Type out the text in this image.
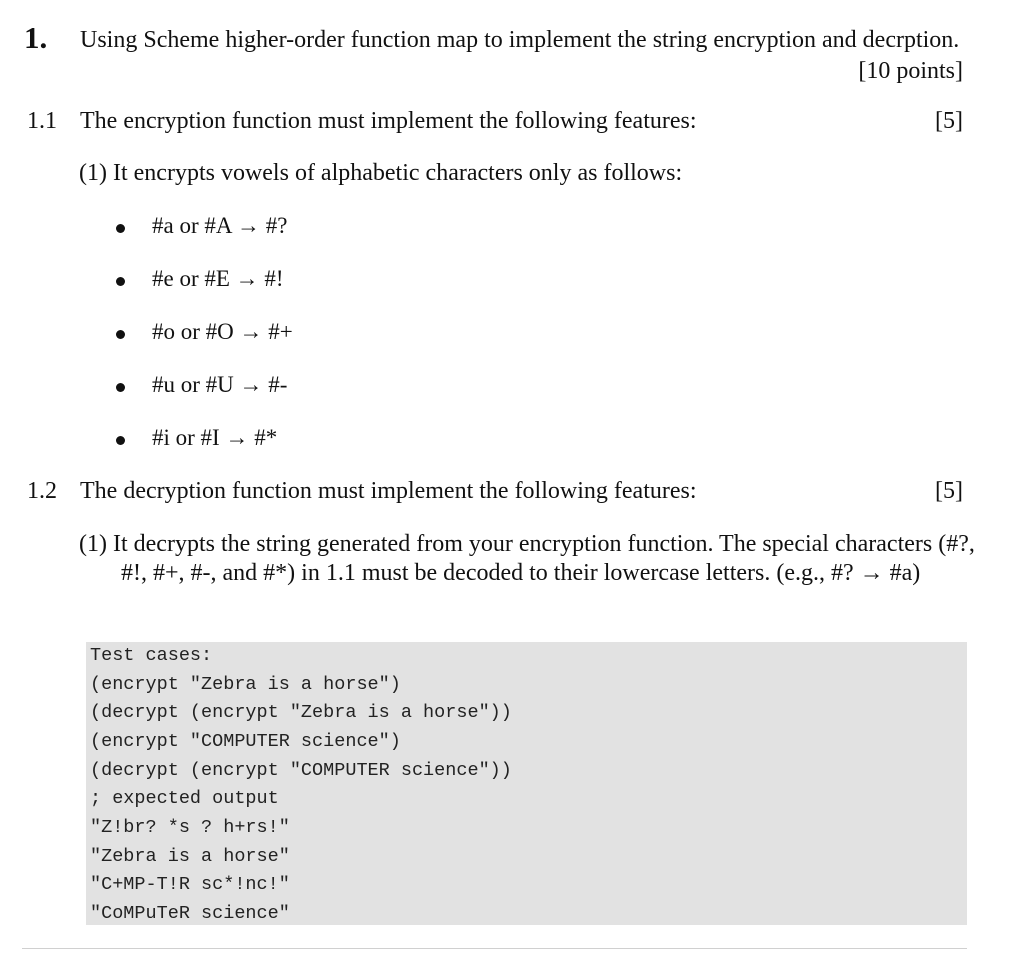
1. Using Scheme higher-order function map to implement the string encryption and decrption.
[10 points]
1.1 The encryption function must implement the following features:	[5]
(1) It encrypts vowels of alphabetic characters only as follows:
#a or #A → #?
#e or #E → #!
#o or #O → #+
#u or #U → #-
#i or #I → #*
1.2 The decryption function must implement the following features:	[5]
(1) It decrypts the string generated from your encryption function. The special characters (#?,
#!, #+, #-, and #*) in 1.1 must be decoded to their lowercase letters. (e.g., #? → #a)
Test cases:
(encrypt "Zebra is a horse")
(decrypt (encrypt "Zebra is a horse"))
(encrypt "COMPUTER science")
(decrypt (encrypt "COMPUTER science"))
; expected output
"Z!br? *s ? h+rs!"
"Zebra is a horse"
"C+MP-T!R sc*!nc!"
"CoMPuTeR science"
